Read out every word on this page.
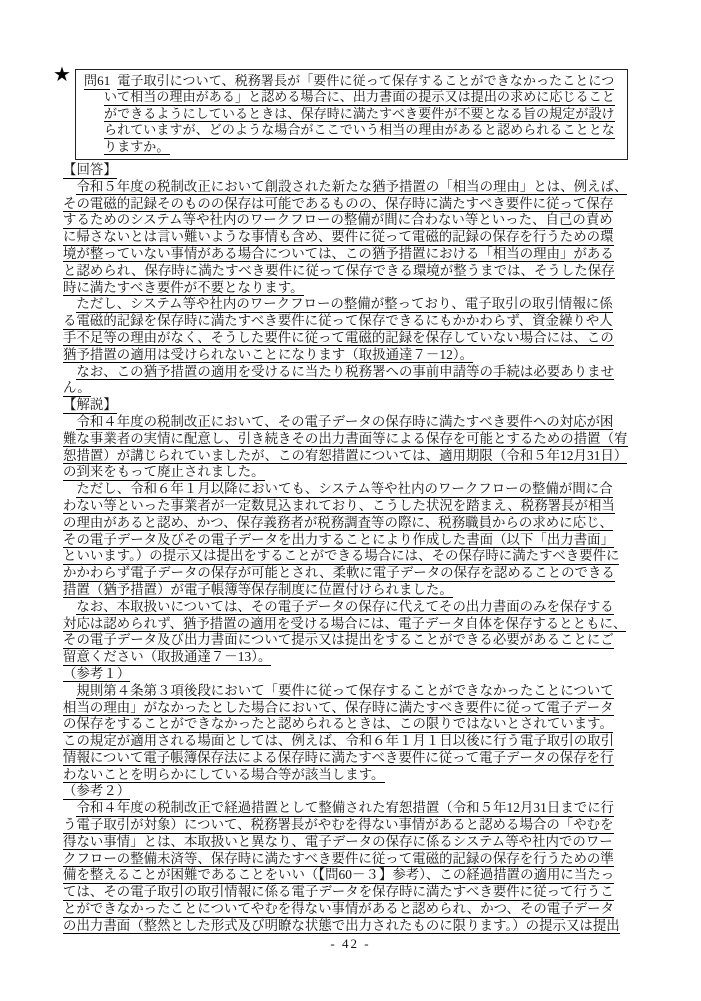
★ 問61 電子取引について、税務署長が「要件に従って保存することができなかったことにつ
いて相当の理由がある」と認める場合に、出力書面の提示又は提出の求めに応じること
ができるようにしているときは、保存時に満たすべき要件が不要となる旨の規定が設け
られていますが、どのような場合がここでいう相当の理由があると認められることとな
りますか。
【回答】
令和５年度の税制改正において創設された新たな猶予措置の「相当の理由」とは、例えば、
その電磁的記録そのものの保存は可能であるものの、保存時に満たすべき要件に従って保存
するためのシステム等や社内のワークフローの整備が間に合わない等といった、自己の責め
に帰さないとは言い難いような事情も含め、要件に従って電磁的記録の保存を行うための環
境が整っていない事情がある場合については、この猶予措置における「相当の理由」がある
と認められ、保存時に満たすべき要件に従って保存できる環境が整うまでは、そうした保存
時に満たすべき要件が不要となります。
ただし、システム等や社内のワークフローの整備が整っており、電子取引の取引情報に係
る電磁的記録を保存時に満たすべき要件に従って保存できるにもかかわらず、資金繰りや人
手不足等の理由がなく、そうした要件に従って電磁的記録を保存していない場合には、この
猶予措置の適用は受けられないことになります（取扱通達７－12）。
なお、この猶予措置の適用を受けるに当たり税務署への事前申請等の手続は必要ありませ
ん。
【解説】
令和４年度の税制改正において、その電子データの保存時に満たすべき要件への対応が困
難な事業者の実情に配意し、引き続きその出力書面等による保存を可能とするための措置（宥
恕措置）が講じられていましたが、この宥恕措置については、適用期限（令和５年12月31日）
の到来をもって廃止されました。
ただし、令和６年１月以降においても、システム等や社内のワークフローの整備が間に合
わない等といった事業者が一定数見込まれており、こうした状況を踏まえ、税務署長が相当
の理由があると認め、かつ、保存義務者が税務調査等の際に、税務職員からの求めに応じ、
その電子データ及びその電子データを出力することにより作成した書面（以下「出力書面」
といいます。）の提示又は提出をすることができる場合には、その保存時に満たすべき要件に
かかわらず電子データの保存が可能とされ、柔軟に電子データの保存を認めることのできる
措置（猶予措置）が電子帳簿等保存制度に位置付けられました。
なお、本取扱いについては、その電子データの保存に代えてその出力書面のみを保存する
対応は認められず、猶予措置の適用を受ける場合には、電子データ自体を保存するとともに、
その電子データ及び出力書面について提示又は提出をすることができる必要があることにご
留意ください（取扱通達７－13）。
（参考１）
規則第４条第３項後段において「要件に従って保存することができなかったことについて
相当の理由」がなかったとした場合において、保存時に満たすべき要件に従って電子データ
の保存をすることができなかったと認められるときは、この限りではないとされています。
この規定が適用される場面としては、例えば、令和６年１月１日以後に行う電子取引の取引
情報について電子帳簿保存法による保存時に満たすべき要件に従って電子データの保存を行
わないことを明らかにしている場合等が該当します。
（参考２）
令和４年度の税制改正で経過措置として整備された宥恕措置（令和５年12月31日までに行
う電子取引が対象）について、税務署長がやむを得ない事情があると認める場合の「やむを
得ない事情」とは、本取扱いと異なり、電子データの保存に係るシステム等や社内でのワー
クフローの整備未済等、保存時に満たすべき要件に従って電磁的記録の保存を行うための準
備を整えることが困難であることをいい（【問60－３】参考）、この経過措置の適用に当たっ
ては、その電子取引の取引情報に係る電子データを保存時に満たすべき要件に従って行うこ
とができなかったことについてやむを得ない事情があると認められ、かつ、その電子データ
の出力書面（整然とした形式及び明瞭な状態で出力されたものに限ります。）の提示又は提出
- 42 -
